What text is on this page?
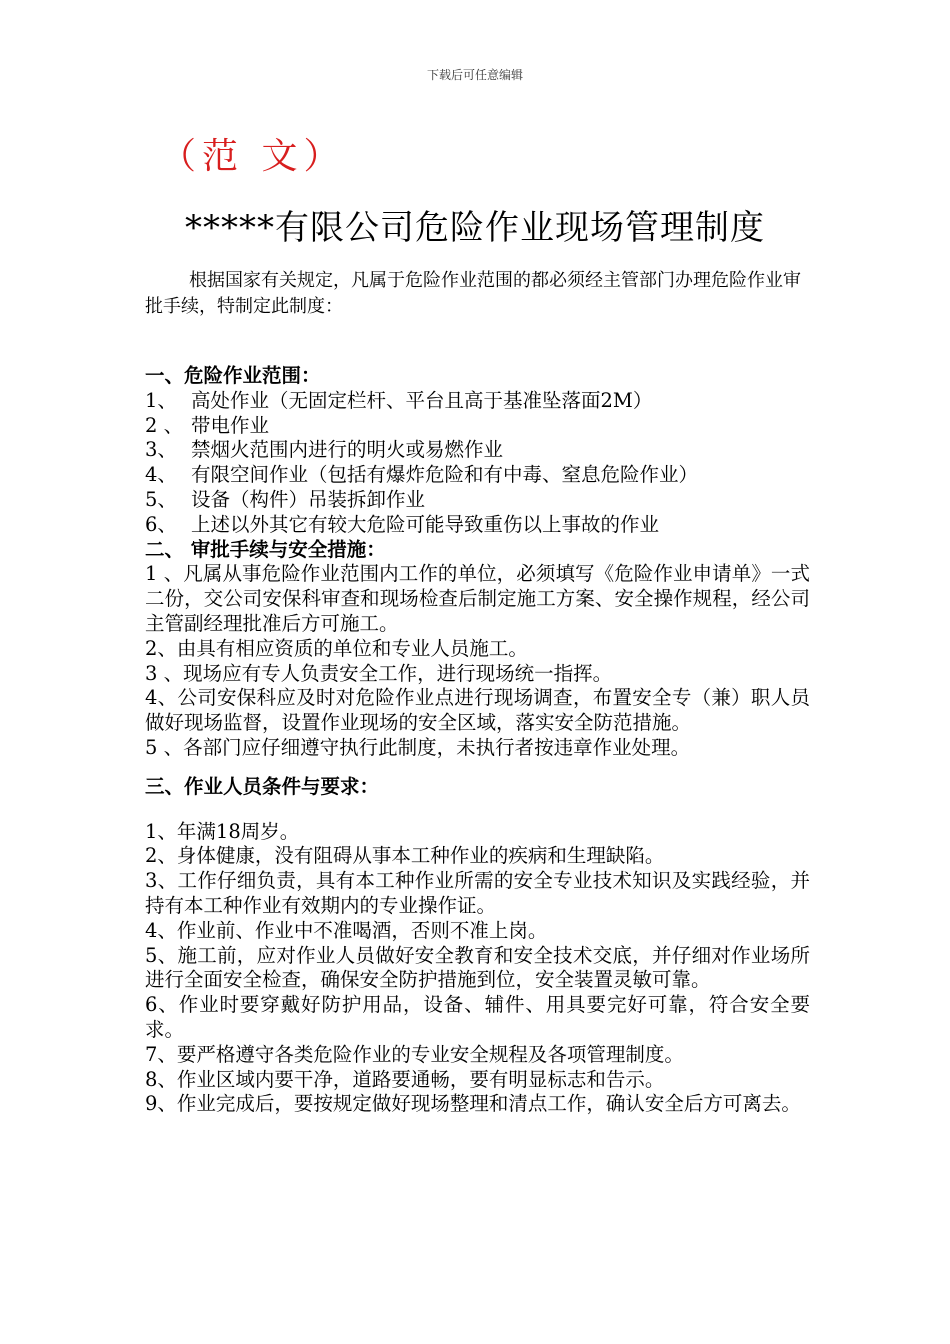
下载后可任意编辑
（范 文）
*****有限公司危险作业现场管理制度
根据国家有关规定，凡属于危险作业范围的都必须经主管部门办理危险作业审批手续，特制定此制度：
一、危险作业范围：
1、 高处作业（无固定栏杆、平台且高于基准坠落面2M）
2 、 带电作业
3、 禁烟火范围内进行的明火或易燃作业
4、 有限空间作业（包括有爆炸危险和有中毒、窒息危险作业）
5、 设备（构件）吊装拆卸作业
6、 上述以外其它有较大危险可能导致重伤以上事故的作业
二、 审批手续与安全措施：
1 、凡属从事危险作业范围内工作的单位，必须填写《危险作业申请单》一式二份，交公司安保科审查和现场检查后制定施工方案、安全操作规程，经公司主管副经理批准后方可施工。
2、由具有相应资质的单位和专业人员施工。
3 、现场应有专人负责安全工作，进行现场统一指挥。
4、公司安保科应及时对危险作业点进行现场调查，布置安全专（兼）职人员做好现场监督，设置作业现场的安全区域，落实安全防范措施。
5 、各部门应仔细遵守执行此制度，未执行者按违章作业处理。
三、作业人员条件与要求：
1、年满18周岁。
2、身体健康，没有阻碍从事本工种作业的疾病和生理缺陷。
3、工作仔细负责，具有本工种作业所需的安全专业技术知识及实践经验，并持有本工种作业有效期内的专业操作证。
4、作业前、作业中不准喝酒，否则不准上岗。
5、施工前，应对作业人员做好安全教育和安全技术交底，并仔细对作业场所进行全面安全检查，确保安全防护措施到位，安全装置灵敏可靠。
6、作业时要穿戴好防护用品，设备、辅件、用具要完好可靠，符合安全要求。
7、要严格遵守各类危险作业的专业安全规程及各项管理制度。
8、作业区域内要干净，道路要通畅，要有明显标志和告示。
9、作业完成后，要按规定做好现场整理和清点工作，确认安全后方可离去。
